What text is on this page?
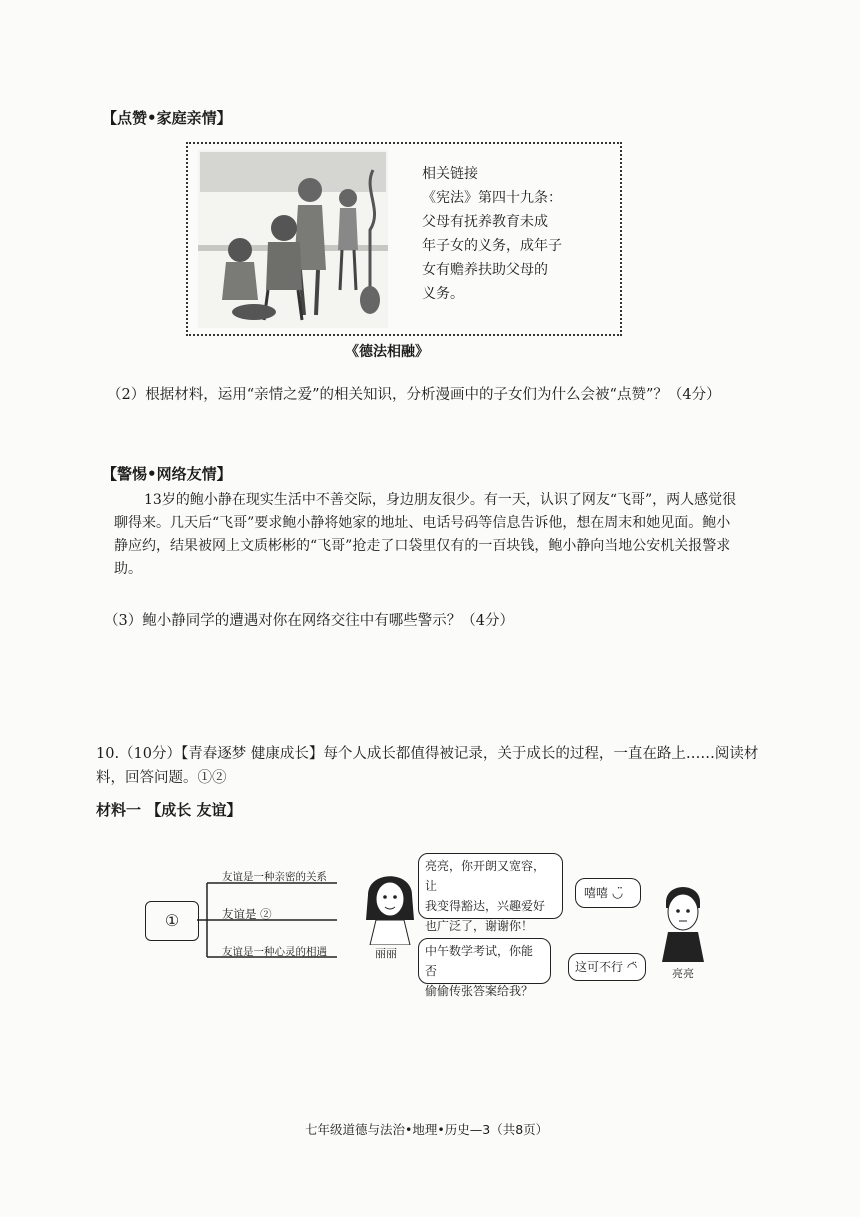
【点赞•家庭亲情】
相关链接
《宪法》第四十九条：
父母有抚养教育未成
年子女的义务，成年子
女有赡养扶助父母的
义务。
《德法相融》
（2）根据材料，运用“亲情之爱”的相关知识，分析漫画中的子女们为什么会被“点赞”？（4分）
【警惕•网络友情】
13岁的鲍小静在现实生活中不善交际，身边朋友很少。有一天，认识了网友“飞哥”，两人感觉很
聊得来。几天后“飞哥”要求鲍小静将她家的地址、电话号码等信息告诉他，想在周末和她见面。鲍小
静应约，结果被网上文质彬彬的“飞哥”抢走了口袋里仅有的一百块钱，鲍小静向当地公安机关报警求
助。
（3）鲍小静同学的遭遇对你在网络交往中有哪些警示？（4分）
10.（10分）【青春逐梦 健康成长】每个人成长都值得被记录，关于成长的过程，一直在路上……阅读材
料，回答问题。①②
材料一 【成长 友谊】
①
友谊是一种亲密的关系
友谊是 ②
友谊是一种心灵的相遇	丽丽
亮亮，你开朗又宽容，让
我变得豁达，兴趣爱好
也广泛了，谢谢你！
嘻嘻 ◡̈
中午数学考试，你能否
偷偷传张答案给我？
这可不行 ◠̈	亮亮
七年级道德与法治•地理•历史—3（共8页）
